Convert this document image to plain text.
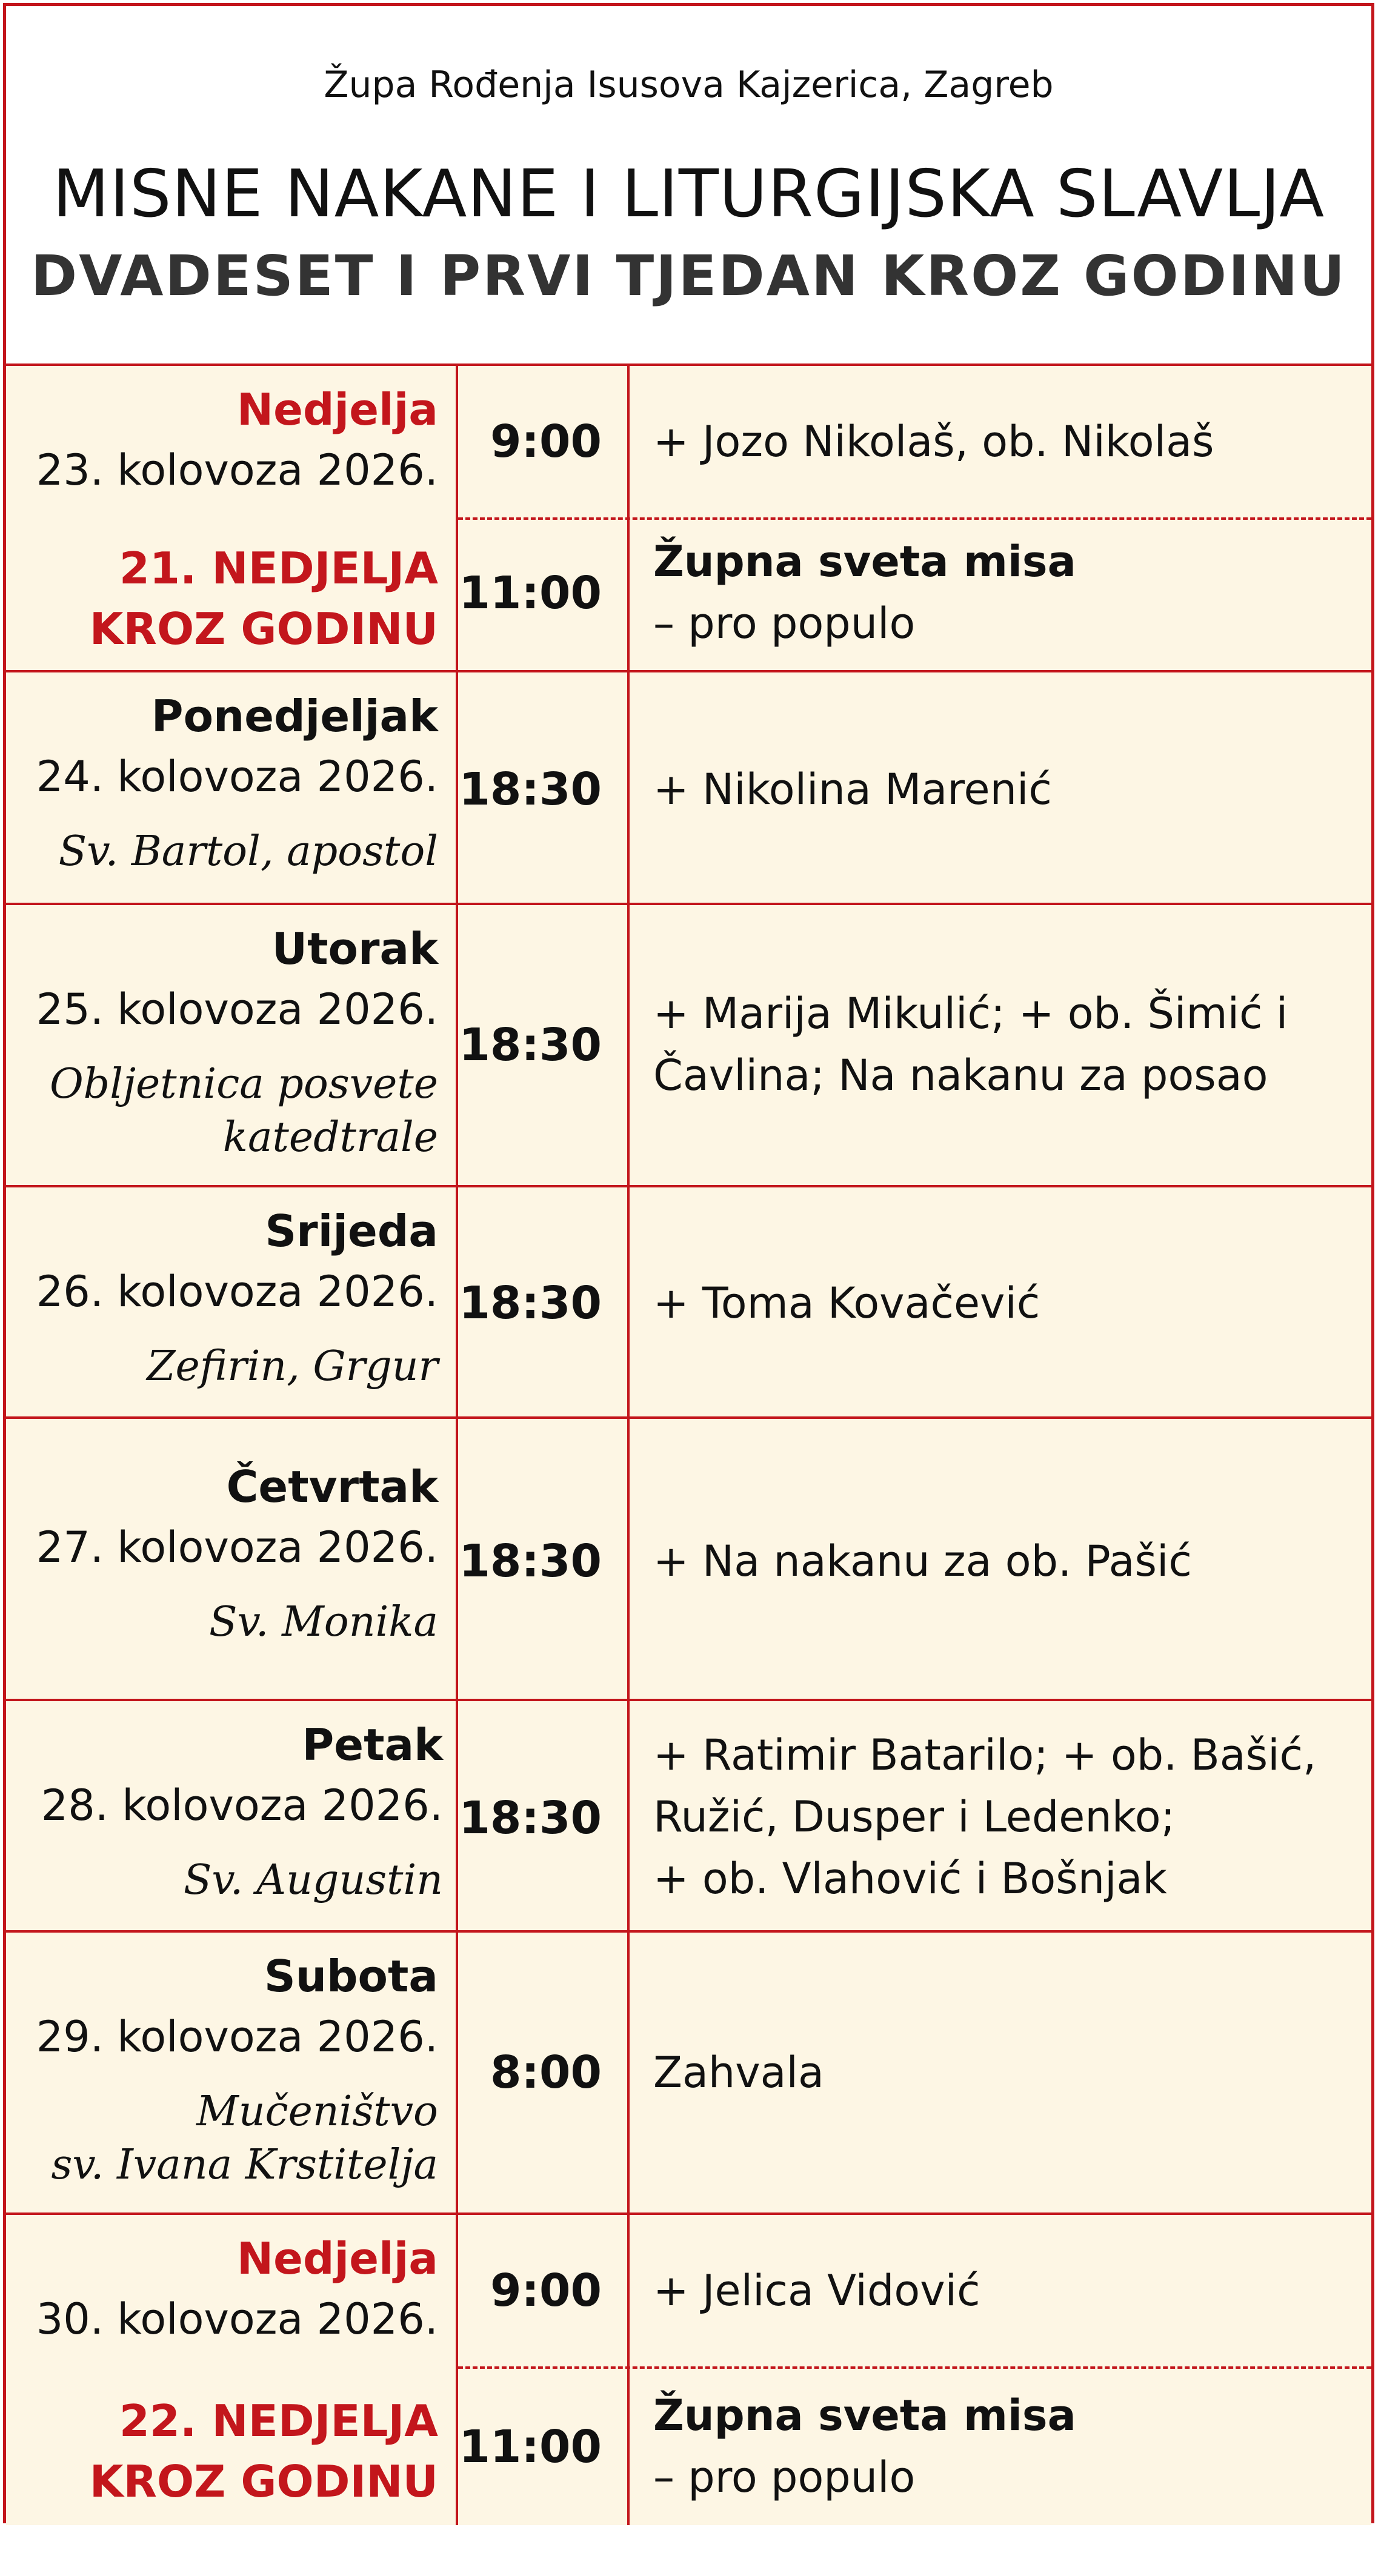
Župa Rođenja Isusova Kajzerica, Zagreb
MISNE NAKANE I LITURGIJSKA SLAVLJA
DVADESET I PRVI TJEDAN KROZ GODINU
Nedjelja
23. kolovoza 2026.
21. NEDJELJA
KROZ GODINU
9:00 + Jozo Nikolaš, ob. Nikolaš
11:00
Župna sveta misa
– pro populo
Ponedjeljak
24. kolovoza 2026.
Sv. Bartol, apostol
18:30 + Nikolina Marenić
Utorak
25. kolovoza 2026.
Obljetnica posvete
katedtrale
18:30
+ Marija Mikulić; + ob. Šimić i
Čavlina; Na nakanu za posao
Srijeda
26. kolovoza 2026.
Zefirin, Grgur
18:30 + Toma Kovačević
Četvrtak
27. kolovoza 2026.
Sv. Monika
18:30 + Na nakanu za ob. Pašić
Petak
28. kolovoza 2026.
Sv. Augustin
18:30
+ Ratimir Batarilo; + ob. Bašić,
Ružić, Dusper i Ledenko;
+ ob. Vlahović i Bošnjak
Subota
29. kolovoza 2026.
Mučeništvo
sv. Ivana Krstitelja
8:00 Zahvala
Nedjelja
30. kolovoza 2026.
22. NEDJELJA
KROZ GODINU
9:00 + Jelica Vidović
11:00
Župna sveta misa
– pro populo
